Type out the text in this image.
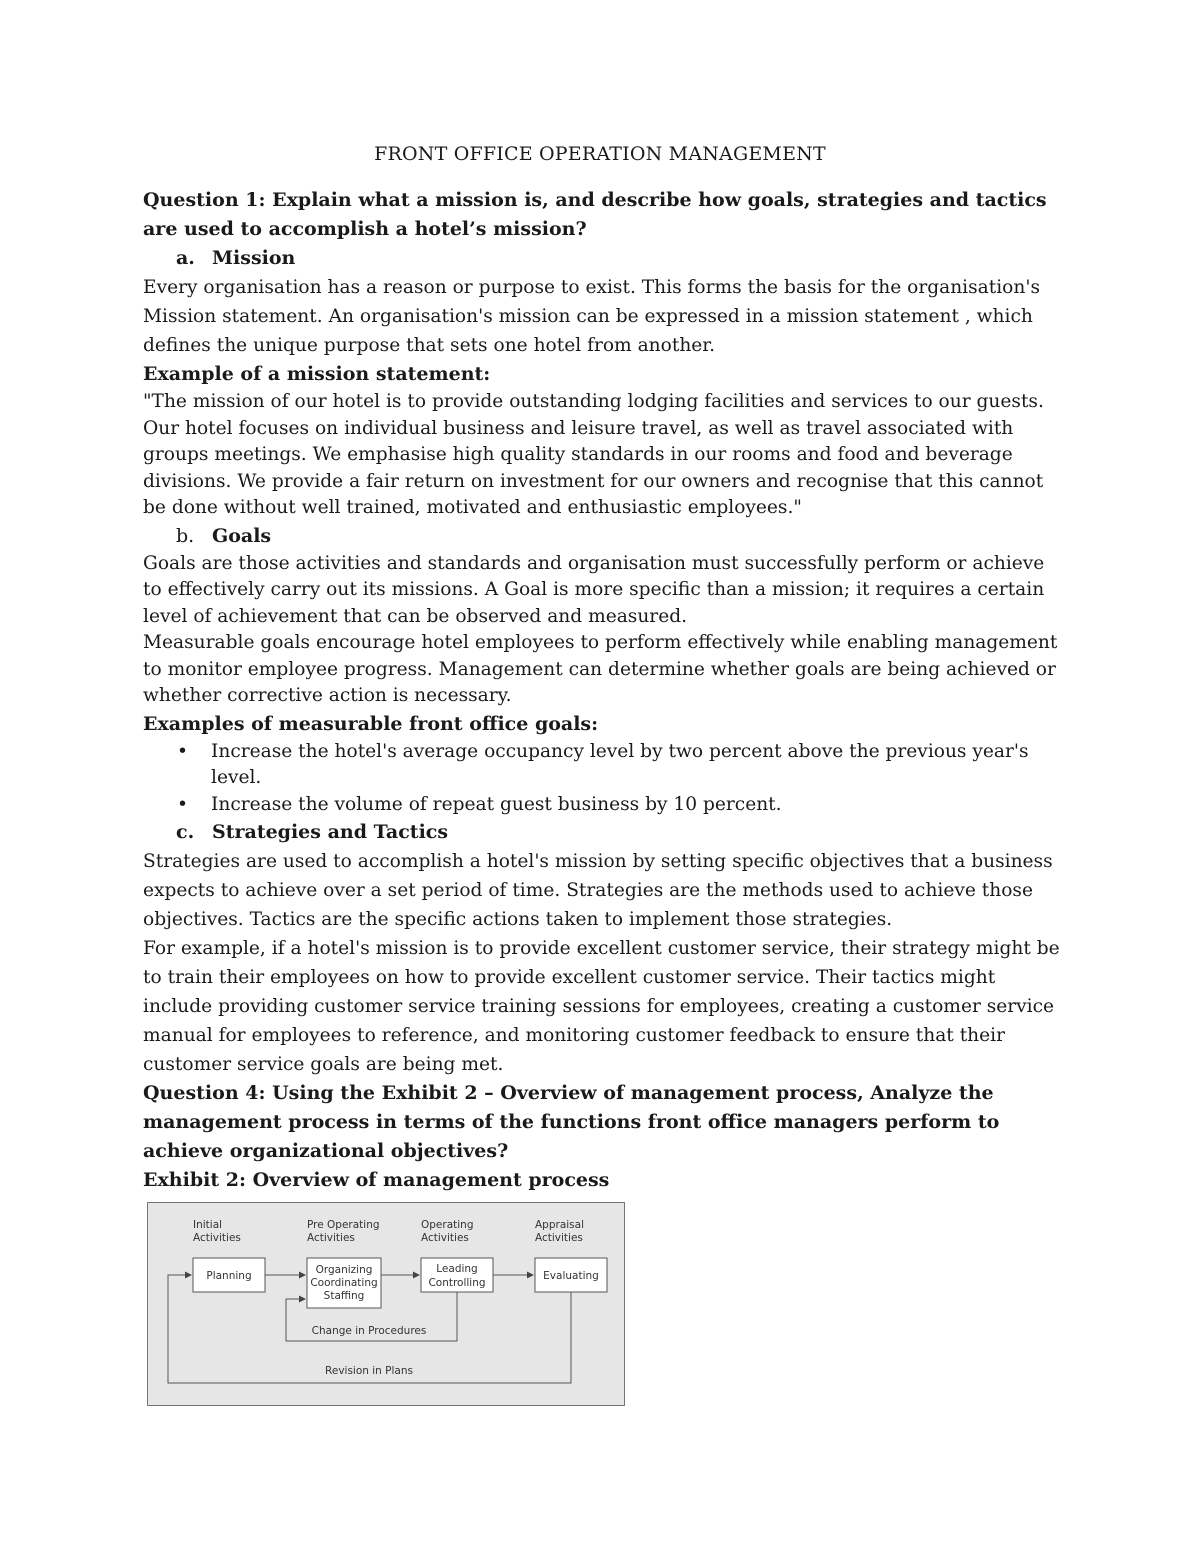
FRONT OFFICE OPERATION MANAGEMENT

Question 1: Explain what a mission is, and describe how goals, strategies and tactics are used to accomplish a hotel’s mission?

a. Mission

Every organisation has a reason or purpose to exist. This forms the basis for the organisation's Mission statement. An organisation's mission can be expressed in a mission statement , which defines the unique purpose that sets one hotel from another.

Example of a mission statement:

"The mission of our hotel is to provide outstanding lodging facilities and services to our guests. Our hotel focuses on individual business and leisure travel, as well as travel associated with groups meetings. We emphasise high quality standards in our rooms and food and beverage divisions. We provide a fair return on investment for our owners and recognise that this cannot be done without well trained, motivated and enthusiastic employees."

b. Goals

Goals are those activities and standards and organisation must successfully perform or achieve to effectively carry out its missions. A Goal is more specific than a mission; it requires a certain level of achievement that can be observed and measured.

Measurable goals encourage hotel employees to perform effectively while enabling management to monitor employee progress. Management can determine whether goals are being achieved or whether corrective action is necessary.

Examples of measurable front office goals:

•	Increase the hotel's average occupancy level by two percent above the previous year's level.
•	Increase the volume of repeat guest business by 10 percent.
c. Strategies and Tactics

Strategies are used to accomplish a hotel's mission by setting specific objectives that a business expects to achieve over a set period of time. Strategies are the methods used to achieve those objectives. Tactics are the specific actions taken to implement those strategies.

For example, if a hotel's mission is to provide excellent customer service, their strategy might be to train their employees on how to provide excellent customer service. Their tactics might include providing customer service training sessions for employees, creating a customer service manual for employees to reference, and monitoring customer feedback to ensure that their customer service goals are being met.

Question 4: Using the Exhibit 2 – Overview of management process, Analyze the management process in terms of the functions front office managers perform to achieve organizational objectives?

Exhibit 2: Overview of management process

Initial
Activities
Pre Operating
Activities
Operating
Activities
Appraisal
Activities
Planning	Organizing
Coordinating
Staffing
Leading
Controlling
Evaluating
Change in Procedures
Revision in Plans
